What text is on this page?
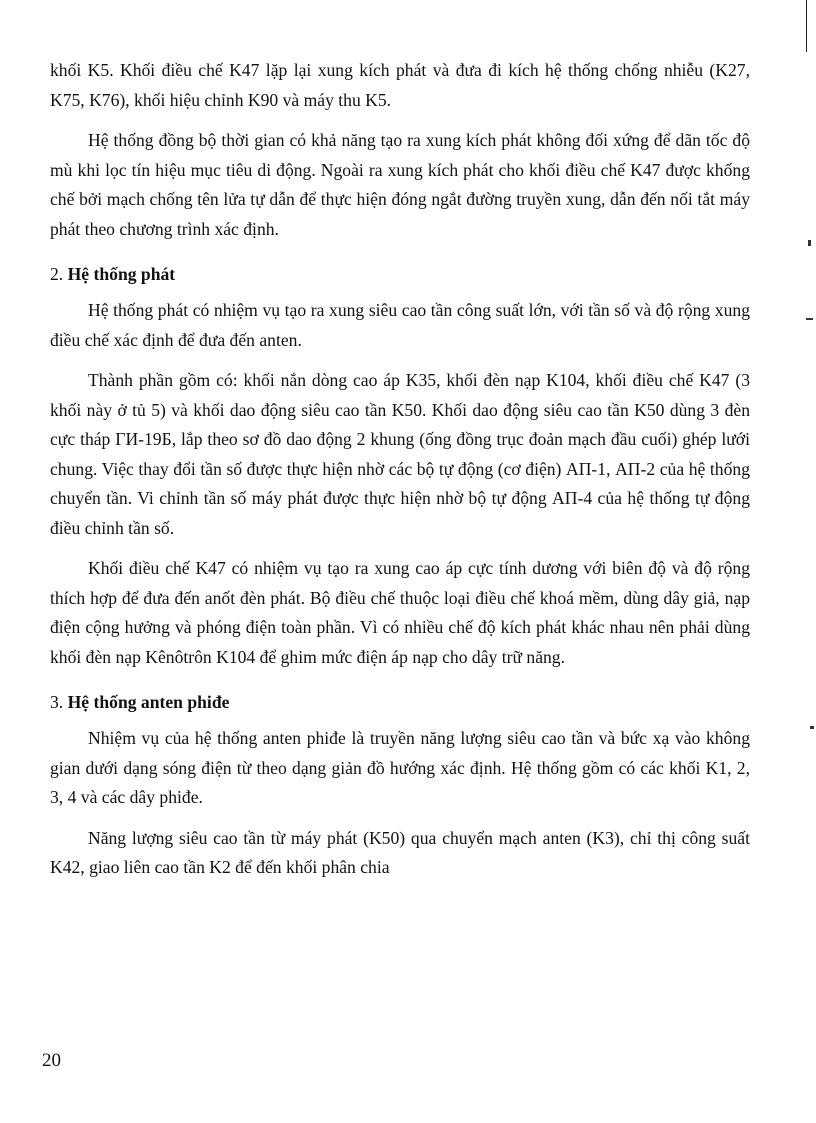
khối K5. Khối điều chế K47 lặp lại xung kích phát và đưa đi kích hệ thống chống nhiễu (K27, K75, K76), khối hiệu chỉnh K90 và máy thu K5.

Hệ thống đồng bộ thời gian có khả năng tạo ra xung kích phát không đối xứng để dãn tốc độ mù khi lọc tín hiệu mục tiêu di động. Ngoài ra xung kích phát cho khối điều chế K47 được khống chế bởi mạch chống tên lửa tự dẫn để thực hiện đóng ngắt đường truyền xung, dẫn đến nối tắt máy phát theo chương trình xác định.

2. Hệ thống phát

Hệ thống phát có nhiệm vụ tạo ra xung siêu cao tần công suất lớn, với tần số và độ rộng xung điều chế xác định để đưa đến anten.

Thành phần gồm có: khối nắn dòng cao áp K35, khối đèn nạp K104, khối điều chế K47 (3 khối này ở tủ 5) và khối dao động siêu cao tần K50. Khối dao động siêu cao tần K50 dùng 3 đèn cực tháp ГИ-19Б, lắp theo sơ đồ dao động 2 khung (ống đồng trục đoản mạch đầu cuối) ghép lưới chung. Việc thay đổi tần số được thực hiện nhờ các bộ tự động (cơ điện) АП-1, АП-2 của hệ thống chuyển tần. Vi chỉnh tần số máy phát được thực hiện nhờ bộ tự động АП-4 của hệ thống tự động điều chỉnh tần số.

Khối điều chế K47 có nhiệm vụ tạo ra xung cao áp cực tính dương với biên độ và độ rộng thích hợp để đưa đến anốt đèn phát. Bộ điều chế thuộc loại điều chế khoá mềm, dùng dây giả, nạp điện cộng hưởng và phóng điện toàn phần. Vì có nhiều chế độ kích phát khác nhau nên phải dùng khối đèn nạp Kênôtrôn K104 để ghim mức điện áp nạp cho dây trữ năng.

3. Hệ thống anten phiđe

Nhiệm vụ của hệ thống anten phiđe là truyền năng lượng siêu cao tần và bức xạ vào không gian dưới dạng sóng điện từ theo dạng giản đồ hướng xác định. Hệ thống gồm có các khối K1, 2, 3, 4 và các dây phiđe.

Năng lượng siêu cao tần từ máy phát (K50) qua chuyển mạch anten (K3), chỉ thị công suất K42, giao liên cao tần K2 để đến khối phân chia

20
